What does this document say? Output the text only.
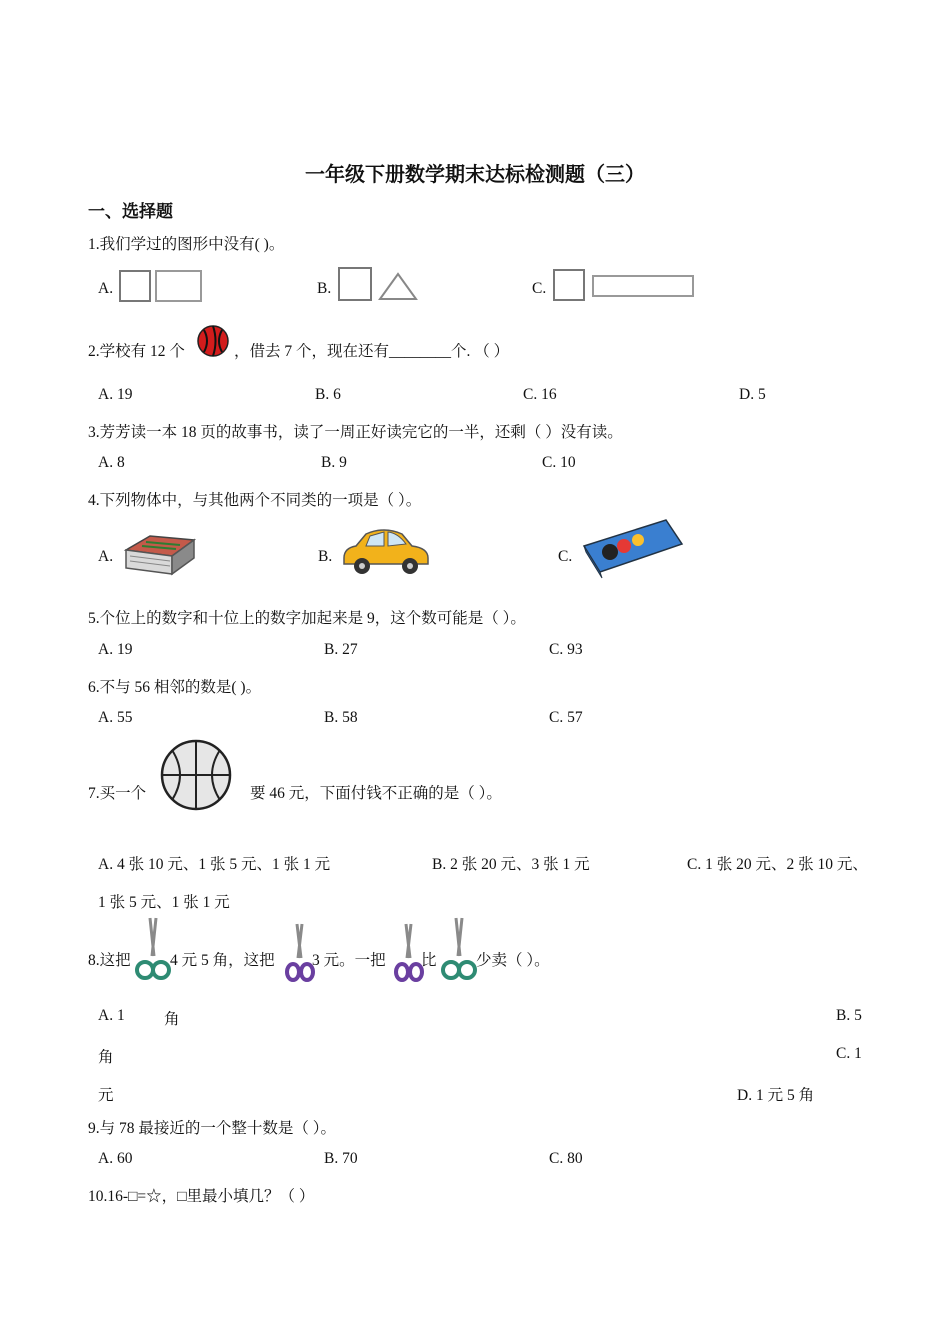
一年级下册数学期末达标检测题（三）
一、选择题
1.我们学过的图形中没有( )。
A.	B.	C.
2.学校有 12 个	，借去 7 个，现在还有________个. （ ）
A. 19	B. 6	C. 16	D. 5
3.芳芳读一本 18 页的故事书，读了一周正好读完它的一半，还剩（ ）没有读。
A. 8	B. 9	C. 10
4.下列物体中，与其他两个不同类的一项是（ ）。
A.	B.	C.
5.个位上的数字和十位上的数字加起来是 9，这个数可能是（ ）。
A. 19	B. 27	C. 93
6.不与 56 相邻的数是( )。
A. 55	B. 58	C. 57
7.买一个	要 46 元，下面付钱不正确的是（ ）。
A. 4 张 10 元、1 张 5 元、1 张 1 元	B. 2 张 20 元、3 张 1 元	C. 1 张 20 元、2 张 10 元、
1 张 5 元、1 张 1 元
8.这把	4 元 5 角，这把 3 元。一把 比	少卖（ ）。
A. 1	角	B. 5
角	C. 1
元	D. 1 元 5 角
9.与 78 最接近的一个整十数是（ ）。
A. 60	B. 70	C. 80
10.16-□=☆，□里最小填几？（ ）
